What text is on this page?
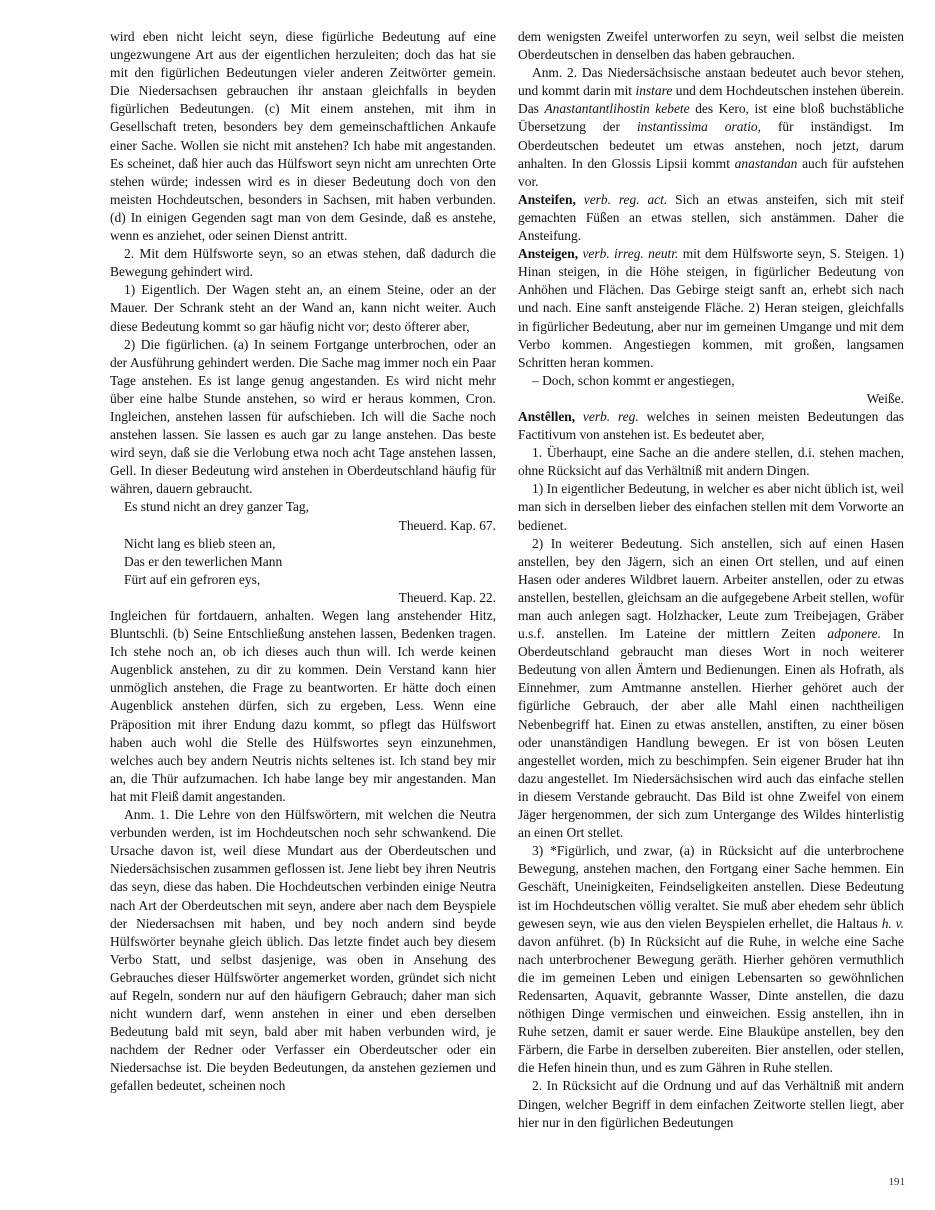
wird eben nicht leicht seyn, diese figürliche Bedeutung auf eine ungezwungene Art aus der eigentlichen herzuleiten; doch das hat sie mit den figürlichen Bedeutungen vieler anderen Zeitwörter gemein. Die Niedersachsen gebrauchen ihr anstaan gleichfalls in beyden figürlichen Bedeutungen. (c) Mit einem anstehen, mit ihm in Gesellschaft treten, besonders bey dem gemeinschaftlichen Ankaufe einer Sache. Wollen sie nicht mit anstehen? Ich habe mit angestanden. Es scheinet, daß hier auch das Hülfswort seyn nicht am unrechten Orte stehen würde; indessen wird es in dieser Bedeutung doch von den meisten Hochdeutschen, besonders in Sachsen, mit haben verbunden. (d) In einigen Gegenden sagt man von dem Gesinde, daß es anstehe, wenn es anziehet, oder seinen Dienst antritt.

2. Mit dem Hülfsworte seyn, so an etwas stehen, daß dadurch die Bewegung gehindert wird.

1) Eigentlich. Der Wagen steht an, an einem Steine, oder an der Mauer. Der Schrank steht an der Wand an, kann nicht weiter. Auch diese Bedeutung kommt so gar häufig nicht vor; desto öfterer aber,

2) Die figürlichen. (a) In seinem Fortgange unterbrochen, oder an der Ausführung gehindert werden. Die Sache mag immer noch ein Paar Tage anstehen. Es ist lange genug angestanden. Es wird nicht mehr über eine halbe Stunde anstehen, so wird er heraus kommen, Cron. Ingleichen, anstehen lassen für aufschieben. Ich will die Sache noch anstehen lassen. Sie lassen es auch gar zu lange anstehen. Das beste wird seyn, daß sie die Verlobung etwa noch acht Tage anstehen lassen, Gell. In dieser Bedeutung wird anstehen in Oberdeutschland häufig für währen, dauern gebraucht.

Es stund nicht an drey ganzer Tag,

Theuerd. Kap. 67.

Nicht lang es blieb steen an,

Das er den tewerlichen Mann

Fürt auf ein gefroren eys,

Theuerd. Kap. 22.

Ingleichen für fortdauern, anhalten. Wegen lang anstehender Hitz, Bluntschli. (b) Seine Entschließung anstehen lassen, Bedenken tragen. Ich stehe noch an, ob ich dieses auch thun will. Ich werde keinen Augenblick anstehen, zu dir zu kommen. Dein Verstand kann hier unmöglich anstehen, die Frage zu beantworten. Er hätte doch einen Augenblick anstehen dürfen, sich zu ergeben, Less. Wenn eine Präposition mit ihrer Endung dazu kommt, so pflegt das Hülfswort haben auch wohl die Stelle des Hülfswortes seyn einzunehmen, welches auch bey andern Neutris nichts seltenes ist. Ich stand bey mir an, die Thür aufzumachen. Ich habe lange bey mir angestanden. Man hat mit Fleiß damit angestanden.

Anm. 1. Die Lehre von den Hülfswörtern, mit welchen die Neutra verbunden werden, ist im Hochdeutschen noch sehr schwankend. Die Ursache davon ist, weil diese Mundart aus der Oberdeutschen und Niedersächsischen zusammen geflossen ist. Jene liebt bey ihren Neutris das seyn, diese das haben. Die Hochdeutschen verbinden einige Neutra nach Art der Oberdeutschen mit seyn, andere aber nach dem Beyspiele der Niedersachsen mit haben, und bey noch andern sind beyde Hülfswörter beynahe gleich üblich. Das letzte findet auch bey diesem Verbo Statt, und selbst dasjenige, was oben in Ansehung des Gebrauches dieser Hülfswörter angemerket worden, gründet sich nicht auf Regeln, sondern nur auf den häufigern Gebrauch; daher man sich nicht wundern darf, wenn anstehen in einer und eben derselben Bedeutung bald mit seyn, bald aber mit haben verbunden wird, je nachdem der Redner oder Verfasser ein Oberdeutscher oder ein Niedersachse ist. Die beyden Bedeutungen, da anstehen geziemen und gefallen bedeutet, scheinen noch

dem wenigsten Zweifel unterworfen zu seyn, weil selbst die meisten Oberdeutschen in denselben das haben gebrauchen.

Anm. 2. Das Niedersächsische anstaan bedeutet auch bevor stehen, und kommt darin mit instare und dem Hochdeutschen instehen überein. Das Anastantantlihostin kebete des Kero, ist eine bloß buchstäbliche Übersetzung der instantissima oratio, für inständigst. Im Oberdeutschen bedeutet um etwas anstehen, noch jetzt, darum anhalten. In den Glossis Lipsii kommt anastandan auch für aufstehen vor.

Ansteifen, verb. reg. act. Sich an etwas ansteifen, sich mit steif gemachten Füßen an etwas stellen, sich anstämmen. Daher die Ansteifung.

Ansteigen, verb. irreg. neutr. mit dem Hülfsworte seyn, S. Steigen. 1) Hinan steigen, in die Höhe steigen, in figürlicher Bedeutung von Anhöhen und Flächen. Das Gebirge steigt sanft an, erhebt sich nach und nach. Eine sanft ansteigende Fläche. 2) Heran steigen, gleichfalls in figürlicher Bedeutung, aber nur im gemeinen Umgange und mit dem Verbo kommen. Angestiegen kommen, mit großen, langsamen Schritten heran kommen.

– Doch, schon kommt er angestiegen,

Weiße.

Anstêllen, verb. reg. welches in seinen meisten Bedeutungen das Factitivum von anstehen ist. Es bedeutet aber,

1. Überhaupt, eine Sache an die andere stellen, d.i. stehen machen, ohne Rücksicht auf das Verhältniß mit andern Dingen.

1) In eigentlicher Bedeutung, in welcher es aber nicht üblich ist, weil man sich in derselben lieber des einfachen stellen mit dem Vorworte an bedienet.

2) In weiterer Bedeutung. Sich anstellen, sich auf einen Hasen anstellen, bey den Jägern, sich an einen Ort stellen, und auf einen Hasen oder anderes Wildbret lauern. Arbeiter anstellen, oder zu etwas anstellen, bestellen, gleichsam an die aufgegebene Arbeit stellen, wofür man auch anlegen sagt. Holzhacker, Leute zum Treibejagen, Gräber u.s.f. anstellen. Im Lateine der mittlern Zeiten adponere. In Oberdeutschland gebraucht man dieses Wort in noch weiterer Bedeutung von allen Ämtern und Bedienungen. Einen als Hofrath, als Einnehmer, zum Amtmanne anstellen. Hierher gehöret auch der figürliche Gebrauch, der aber alle Mahl einen nachtheiligen Nebenbegriff hat. Einen zu etwas anstellen, anstiften, zu einer bösen oder unanständigen Handlung bewegen. Er ist von bösen Leuten angestellet worden, mich zu beschimpfen. Sein eigener Bruder hat ihn dazu angestellet. Im Niedersächsischen wird auch das einfache stellen in diesem Verstande gebraucht. Das Bild ist ohne Zweifel von einem Jäger hergenommen, der sich zum Untergange des Wildes hinterlistig an einen Ort stellet.

3) *Figürlich, und zwar, (a) in Rücksicht auf die unterbrochene Bewegung, anstehen machen, den Fortgang einer Sache hemmen. Ein Geschäft, Uneinigkeiten, Feindseligkeiten anstellen. Diese Bedeutung ist im Hochdeutschen völlig veraltet. Sie muß aber ehedem sehr üblich gewesen seyn, wie aus den vielen Beyspielen erhellet, die Haltaus h. v. davon anführet. (b) In Rücksicht auf die Ruhe, in welche eine Sache nach unterbrochener Bewegung geräth. Hierher gehören vermuthlich die im gemeinen Leben und einigen Lebensarten so gewöhnlichen Redensarten, Aquavit, gebrannte Wasser, Dinte anstellen, die dazu nöthigen Dinge vermischen und einweichen. Essig anstellen, ihn in Ruhe setzen, damit er sauer werde. Eine Blauküpe anstellen, bey den Färbern, die Farbe in derselben zubereiten. Bier anstellen, oder stellen, die Hefen hinein thun, und es zum Gähren in Ruhe stellen.

2. In Rücksicht auf die Ordnung und auf das Verhältniß mit andern Dingen, welcher Begriff in dem einfachen Zeitworte stellen liegt, aber hier nur in den figürlichen Bedeutungen

191
